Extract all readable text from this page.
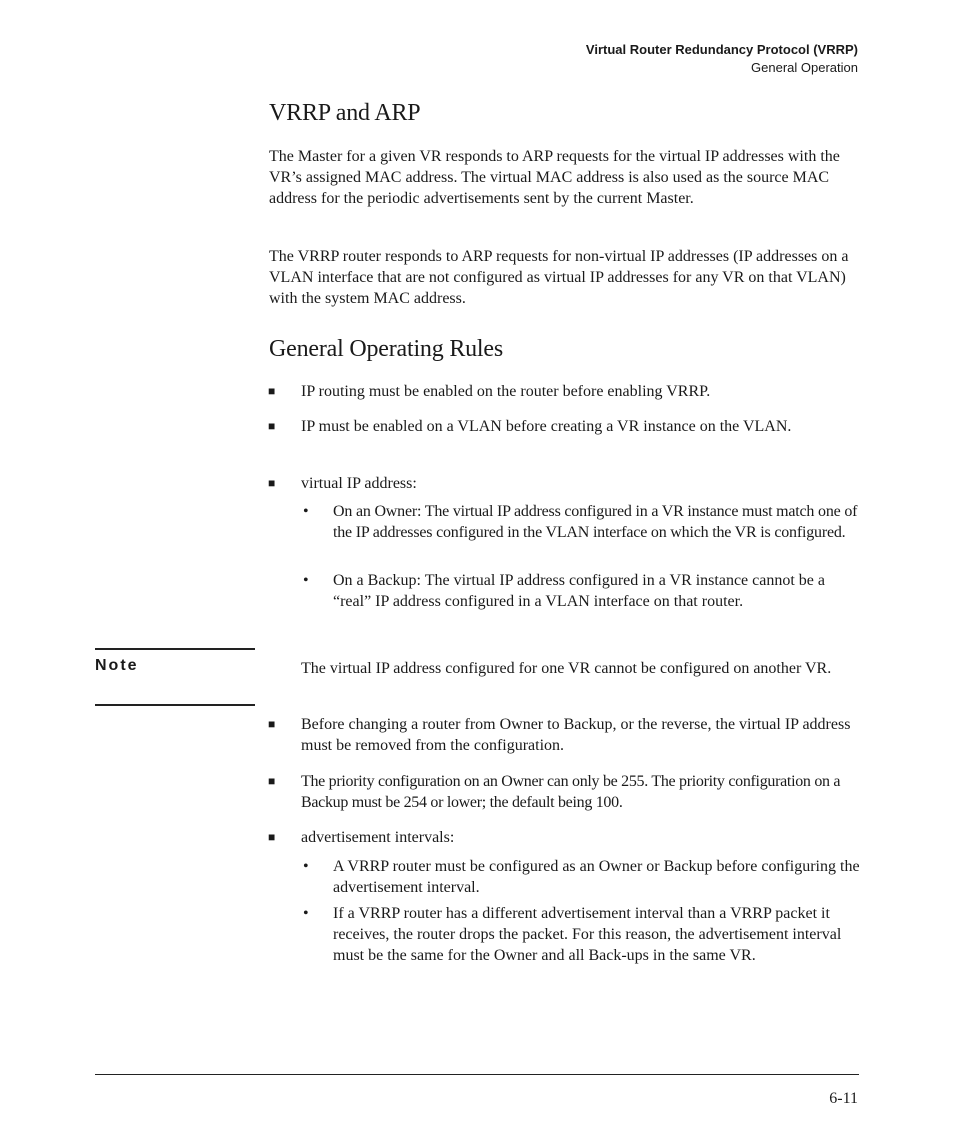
Virtual Router Redundancy Protocol (VRRP)
General Operation
VRRP and ARP

The Master for a given VR responds to ARP requests for the virtual IP addresses with the VR’s assigned MAC address. The virtual MAC address is also used as the source MAC address for the periodic advertisements sent by the current Master.

The VRRP router responds to ARP requests for non-virtual IP addresses (IP addresses on a VLAN interface that are not configured as virtual IP addresses for any VR on that VLAN) with the system MAC address.

General Operating Rules
■ IP routing must be enabled on the router before enabling VRRP.

■ IP must be enabled on a VLAN before creating a VR instance on the VLAN.

■ virtual IP address:

• On an Owner: The virtual IP address configured in a VR instance must match one of the IP addresses configured in the VLAN interface on which the VR is configured.

• On a Backup: The virtual IP address configured in a VR instance cannot be a “real” IP address configured in a VLAN interface on that router.

Note	The virtual IP address configured for one VR cannot be configured on another VR.

■ Before changing a router from Owner to Backup, or the reverse, the virtual IP address must be removed from the configuration.

■ The priority configuration on an Owner can only be 255. The priority configuration on a Backup must be 254 or lower; the default being 100.

■ advertisement intervals:

• A VRRP router must be configured as an Owner or Backup before configuring the advertisement interval.

• If a VRRP router has a different advertisement interval than a VRRP packet it receives, the router drops the packet. For this reason, the advertisement interval must be the same for the Owner and all Back-ups in the same VR.

6-11
